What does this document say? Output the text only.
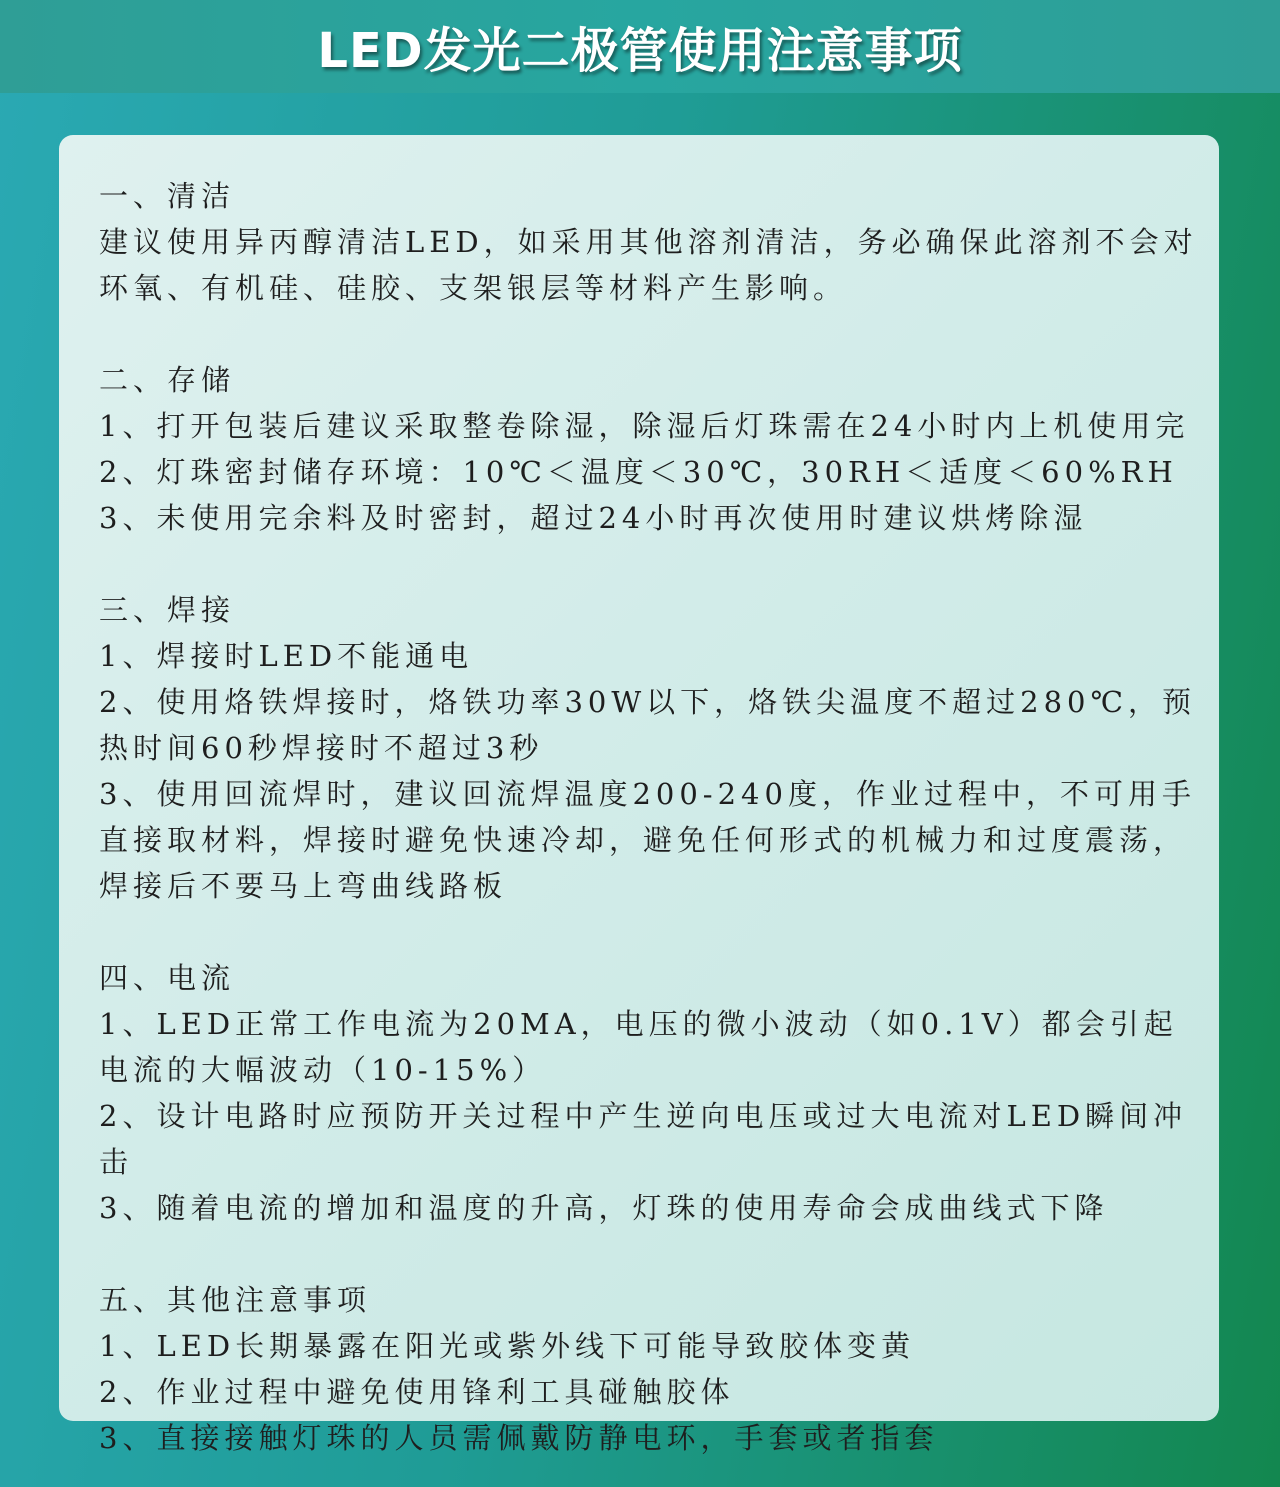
LED发光二极管使用注意事项
一、清洁
建议使用异丙醇清洁LED，如采用其他溶剂清洁，务必确保此溶剂不会对环氧、有机硅、硅胶、支架银层等材料产生影响。
二、存储
1、打开包装后建议采取整卷除湿，除湿后灯珠需在24小时内上机使用完
2、灯珠密封储存环境：10℃＜温度＜30℃，30RH＜适度＜60%RH
3、未使用完余料及时密封，超过24小时再次使用时建议烘烤除湿
三、焊接
1、焊接时LED不能通电
2、使用烙铁焊接时，烙铁功率30W以下，烙铁尖温度不超过280℃，预热时间60秒焊接时不超过3秒
3、使用回流焊时，建议回流焊温度200-240度，作业过程中，不可用手直接取材料，焊接时避免快速冷却，避免任何形式的机械力和过度震荡，焊接后不要马上弯曲线路板
四、电流
1、LED正常工作电流为20MA，电压的微小波动（如0.1V）都会引起电流的大幅波动（10-15%）
2、设计电路时应预防开关过程中产生逆向电压或过大电流对LED瞬间冲击
3、随着电流的增加和温度的升高，灯珠的使用寿命会成曲线式下降
五、其他注意事项
1、LED长期暴露在阳光或紫外线下可能导致胶体变黄
2、作业过程中避免使用锋利工具碰触胶体
3、直接接触灯珠的人员需佩戴防静电环，手套或者指套
